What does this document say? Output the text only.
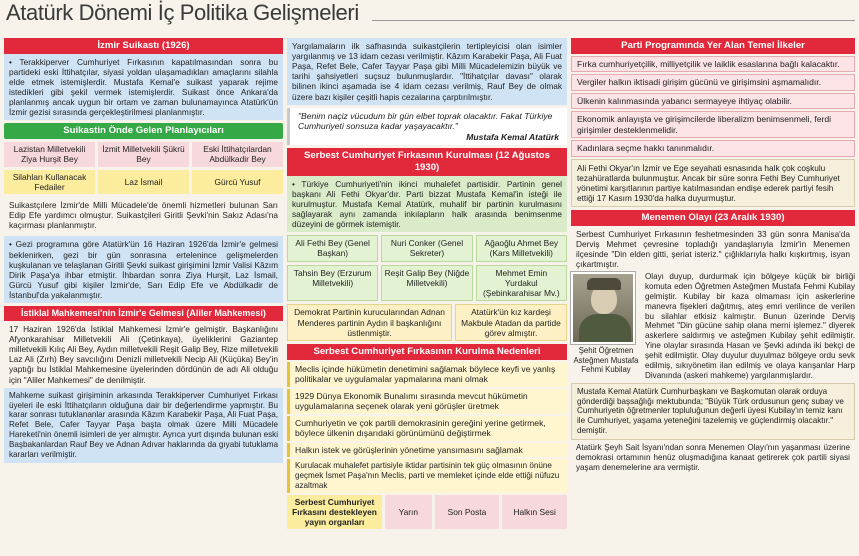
Atatürk Dönemi İç Politika Gelişmeleri
İzmir Suikastı (1926)
• Terakkiperver Cumhuriyet Fırkasının kapatılmasından sonra bu partideki eski İttihatçılar, siyasi yoldan ulaşamadıkları amaçlarını silahla elde etmek istemişlerdir. Mustafa Kemal'e suikast yaparak rejime istedikleri gibi şekil vermek istemişlerdir. Suikast önce Ankara'da planlanmış ancak uygun bir ortam ve zaman bulunamayınca Atatürk'ün İzmir gezisi sırasında gerçekleştirilmesi planlanmıştır.
Suikastin Önde Gelen Planlayıcıları
Lazistan Milletvekili Ziya Hurşit Bey
İzmit Milletvekili Şükrü Bey
Eski İttihatçılardan Abdülkadir Bey
Silahları Kullanacak Fedailer
Laz İsmail	Gürcü Yusuf
Suikastçılere İzmir'de Milli Mücadele'de önemli hizmetleri bulunan Sarı Edip Efe yardımcı olmuştur. Suikastçileri Giritli Şevki'nin Sakız Adası'na kaçırması planlanmıştır.
• Gezi programına göre Atatürk'ün 16 Haziran 1926'da İzmir'e gelmesi beklenirken, gezi bir gün sonrasına ertelenince gelişmelerden kuşkulanan ve telaşlanan Giritli Şevki suikast girişimini İzmir Valisi Kâzım Dirik Paşa'ya ihbar etmiştir. İhbardan sonra Ziya Hurşit, Laz İsmail, Gürcü Yusuf gibi kişiler İzmir'de, Sarı Edip Efe ve Abdülkadir de İstanbul'da yakalanmıştır.
İstiklal Mahkemesi'nin İzmir'e Gelmesi (Aliler Mahkemesi)
17 Haziran 1926'da İstiklal Mahkemesi İzmir'e gelmiştir. Başkanlığını Afyonkarahisar Milletvekili Ali (Çetinkaya), üyeliklerini Gaziantep milletvekili Kılıç Ali Bey, Aydın milletvekili Reşit Galip Bey, Rize milletvekili Laz Ali (Zırh) Bey savcılığını Denizli milletvekili Necip Ali (Küçüka) Bey'in yaptığı bu İstiklal Mahkemesine üyelerinden dördünün de adı Ali olduğu için "Aliler Mahkemesi" de denilmiştir.
Mahkeme suikast girişiminin arkasında Terakkiperver Cumhuriyet Fırkası üyeleri ile eski İttihatçıların olduğuna dair bir değerlendirme yapmıştır. Bu karar sonrası tutuklananlar arasında Kâzım Karabekir Paşa, Ali Fuat Paşa, Refet Bele, Cafer Tayyar Paşa başta olmak üzere Milli Mücadele Hareketi'nin önemli isimleri de yer almıştır. Ayrıca yurt dışında bulunan eski Başbakanlardan Rauf Bey ve Adnan Adıvar haklarında da gıyabi tutuklama kararları verilmiştir.
Yargılamaların ilk safhasında suikastçilerin tertipleyicisi olan isimler yargılanmış ve 13 idam cezası verilmiştir. Kâzım Karabekir Paşa, Ali Fuat Paşa, Refet Bele, Cafer Tayyar Paşa gibi Milli Mücadelemizin büyük ve tarihi şahsiyetleri suçsuz bulunmuşlardır. "İttihatçılar davası" olarak bilinen ikinci aşamada ise 4 idam cezası verilmiş, Rauf Bey de olmak üzere bazı kişiler çeşitli hapis cezalarına çarptırılmıştır.
"Benim naçiz vücudum bir gün elbet toprak olacaktır. Fakat Türkiye Cumhuriyeti sonsuza kadar yaşayacaktır."
Mustafa Kemal Atatürk
Serbest Cumhuriyet Fırkasının Kurulması (12 Ağustos 1930)
• Türkiye Cumhuriyeti'nin ikinci muhalefet partisidir. Partinin genel başkanı Ali Fethi Okyar'dır. Parti bizzat Mustafa Kemal'in isteği ile kurulmuştur. Mustafa Kemal Atatürk, muhalif bir partinin kurulmasını sağlayarak aynı zamanda inkılapların halk arasında benimsenme düzeyini de görmek istemiştir.
Ali Fethi Bey (Genel Başkan)
Nuri Conker (Genel Sekreter)
Ağaoğlu Ahmet Bey (Kars Milletvekili)
Tahsin Bey (Erzurum Milletvekili)
Reşit Galip Bey (Niğde Milletvekili)
Mehmet Emin Yurdakul (Şebinkarahisar Mv.)
Demokrat Partinin kurucularından Adnan Menderes partinin Aydın il başkanlığını üstlenmiştir.
Atatürk'ün kız kardeşi Makbule Atadan da partide görev almıştır.
Serbest Cumhuriyet Fırkasının Kurulma Nedenleri
Meclis içinde hükümetin denetimini sağlamak böylece keyfi ve yanlış politikalar ve uygulamalar yapmalarına mani olmak
1929 Dünya Ekonomik Bunalımı sırasında mevcut hükümetin uygulamalarına seçenek olarak yeni görüşler üretmek
Cumhuriyetin ve çok partili demokrasinin gereğini yerine getirmek, böylece ülkenin dışarıdaki görünümünü değiştirmek
Halkın istek ve görüşlerinin yönetime yansımasını sağlamak
Kurulacak muhalefet partisiyle iktidar partisinin tek güç olmasının önüne geçmek İsmet Paşa'nın Meclis, parti ve memleket içinde elde ettiği nüfuzu azaltmak
Serbest Cumhuriyet Fırkasını destekleyen yayın organları
Yarın	Son Posta	Halkın Sesi
Parti Programında Yer Alan Temel İlkeler
Fırka cumhuriyetçilik, milliyetçilik ve laiklik esaslarına bağlı kalacaktır.
Vergiler halkın iktisadi girişim gücünü ve girişimsini aşmamalıdır.
Ülkenin kalınmasında yabancı sermayeye ihtiyaç olabilir.
Ekonomik anlayışta ve girişimcilerde liberalizm benimsenmeli, ferdi girişimler desteklenmelidir.
Kadınlara seçme hakkı tanınmalıdır.
Ali Fethi Okyar'ın İzmir ve Ege seyahati esnasında halk çok coşkulu tezahüratlarda bulunmuştur. Ancak bir süre sonra Fethi Bey Cumhuriyet yönetimi karşıtlarının partiye katılmasından endişe ederek partiyi fesih ettiği 17 Kasım 1930'da halka duyurmuştur.
Menemen Olayı (23 Aralık 1930)
Serbest Cumhuriyet Fırkasının feshetmesinden 33 gün sonra Manisa'da Derviş Mehmet çevresine topladığı yandaşlarıyla İzmir'in Menemen ilçesinde "Din elden gitti, şeriat isteriz." çığlıklarıyla halkı kışkırtmış, isyan çıkartmıştır.
Şehit Öğretmen Asteğmen Mustafa Fehmi Kubilay
Olayı duyup, durdurmak için bölgeye küçük bir birliği komuta eden Öğretmen Asteğmen Mustafa Fehmi Kubilay gelmiştir. Kubilay bir kaza olmaması için askerlerine manevra fişekleri dağıtmış, ateş emri verilince de verilen bu silahlar etkisiz kalmıştır. Bunun üzerinde Derviş Mehmet "Din gücüne sahip olana merni işlemez." diyerek askerlere saldırmış ve asteğmen Kubilay şehit edilmiştir. Yine olaylar sırasında Hasan ve Şevki adında iki bekçi de şehit edilmiştir. Olay duyulur duyulmaz bölgeye ordu sevk edilmiş, sıkıyönetim ilan edilmiş ve olaya karışanlar Harp Divanında (askeri mahkeme) yargılanmışlardır.
Mustafa Kemal Atatürk Cumhurbaşkanı ve Başkomutan olarak orduya gönderdiği başsağlığı mektubunda; "Büyük Türk ordusunun genç subay ve Cumhuriyetin öğretmenler topluluğunun değerli üyesi Kubilay'ın temiz kanı ile Cumhuriyet, yaşama yeteneğini tazelemiş ve güçlendirmiş olacaktır." demiştir.
Atatürk Şeyh Sait İsyanı'ndan sonra Menemen Olayı'nın yaşanması üzerine demokrasi ortamının henüz oluşmadığına kanaat getirerek çok partili siyasi yaşam denemelerine ara vermiştir.
